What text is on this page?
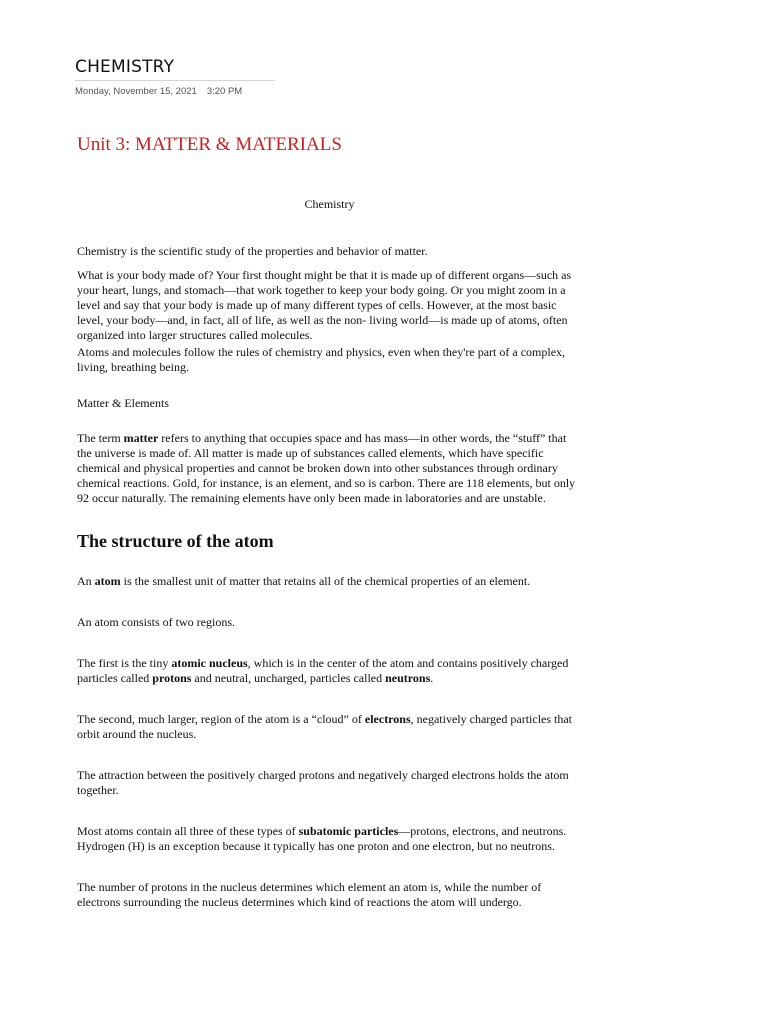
CHEMISTRY
Monday, November 15, 2021 3:20 PM
Unit 3: MATTER & MATERIALS

Chemistry

Chemistry is the scientific study of the properties and behavior of matter.

What is your body made of? Your first thought might be that it is made up of different organs—such as your heart, lungs, and stomach—that work together to keep your body going. Or you might zoom in a level and say that your body is made up of many different types of cells. However, at the most basic level, your body—and, in fact, all of life, as well as the non- living world—is made up of atoms, often organized into larger structures called molecules.

Atoms and molecules follow the rules of chemistry and physics, even when they're part of a complex, living, breathing being.

Matter & Elements

The term matter refers to anything that occupies space and has mass—in other words, the “stuff” that the universe is made of. All matter is made up of substances called elements, which have specific chemical and physical properties and cannot be broken down into other substances through ordinary chemical reactions. Gold, for instance, is an element, and so is carbon. There are 118 elements, but only 92 occur naturally. The remaining elements have only been made in laboratories and are unstable.

The structure of the atom

An atom is the smallest unit of matter that retains all of the chemical properties of an element.

An atom consists of two regions.

The first is the tiny atomic nucleus, which is in the center of the atom and contains positively charged particles called protons and neutral, uncharged, particles called neutrons.

The second, much larger, region of the atom is a “cloud” of electrons, negatively charged particles that orbit around the nucleus.

The attraction between the positively charged protons and negatively charged electrons holds the atom together.

Most atoms contain all three of these types of subatomic particles—protons, electrons, and neutrons. Hydrogen (H) is an exception because it typically has one proton and one electron, but no neutrons.

The number of protons in the nucleus determines which element an atom is, while the number of electrons surrounding the nucleus determines which kind of reactions the atom will undergo.
